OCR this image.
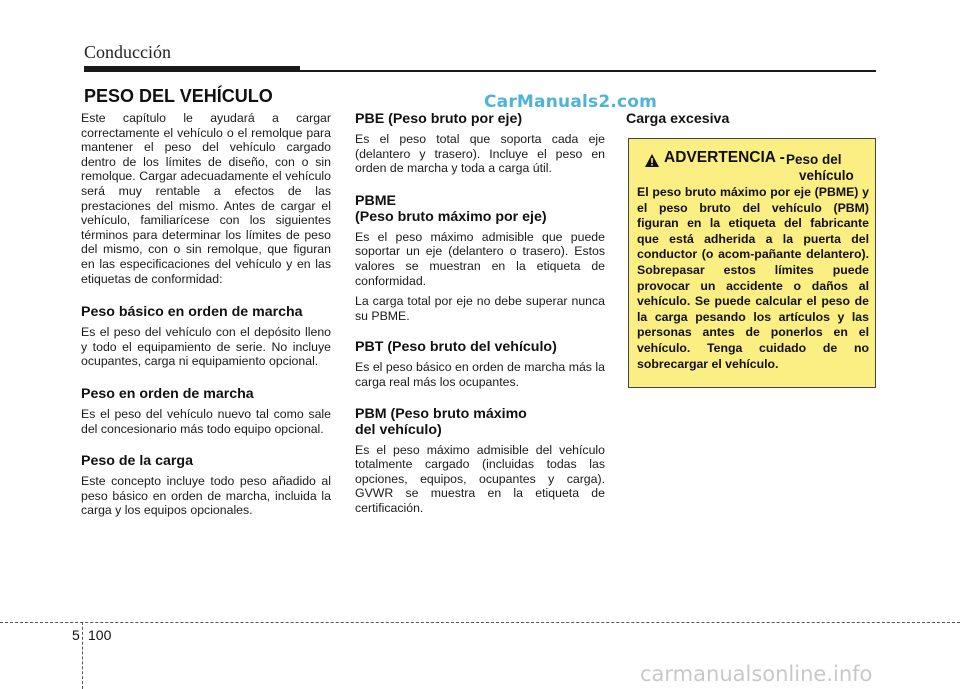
Conducción
PESO DEL VEHÍCULO	CarManuals2.com

Este capítulo le ayudará a cargar correctamente el vehículo o el remolque para mantener el peso del vehículo cargado dentro de los límites de diseño, con o sin remolque. Cargar adecuadamente el vehículo será muy rentable a efectos de las prestaciones del mismo. Antes de cargar el vehículo, familiarícese con los siguientes términos para determinar los límites de peso del mismo, con o sin remolque, que figuran en las especificaciones del vehículo y en las etiquetas de conformidad:

Peso básico en orden de marcha

Es el peso del vehículo con el depósito lleno y todo el equipamiento de serie. No incluye ocupantes, carga ni equipamiento opcional.

Peso en orden de marcha

Es el peso del vehículo nuevo tal como sale del concesionario más todo equipo opcional.

Peso de la carga

Este concepto incluye todo peso añadido al peso básico en orden de marcha, incluida la carga y los equipos opcionales.

PBE (Peso bruto por eje)

Es el peso total que soporta cada eje (delantero y trasero). Incluye el peso en orden de marcha y toda a carga útil.

PBME
(Peso bruto máximo por eje)

Es el peso máximo admisible que puede soportar un eje (delantero o trasero). Estos valores se muestran en la etiqueta de conformidad.

La carga total por eje no debe superar nunca su PBME.

PBT (Peso bruto del vehículo)

Es el peso básico en orden de marcha más la carga real más los ocupantes.

PBM (Peso bruto máximo
del vehículo)

Es el peso máximo admisible del vehículo totalmente cargado (incluidas todas las opciones, equipos, ocupantes y carga). GVWR se muestra en la etiqueta de certificación.

Carga excesiva
ADVERTENCIA - Peso del
vehículo
El peso bruto máximo por eje (PBME) y el peso bruto del vehículo (PBM) figuran en la etiqueta del fabricante que está adherida a la puerta del conductor (o acom-pañante delantero). Sobrepasar estos límites puede provocar un accidente o daños al vehículo. Se puede calcular el peso de la carga pesando los artículos y las personas antes de ponerlos en el vehículo. Tenga cuidado de no sobrecargar el vehículo.
5 100
carmanualsonline.info
